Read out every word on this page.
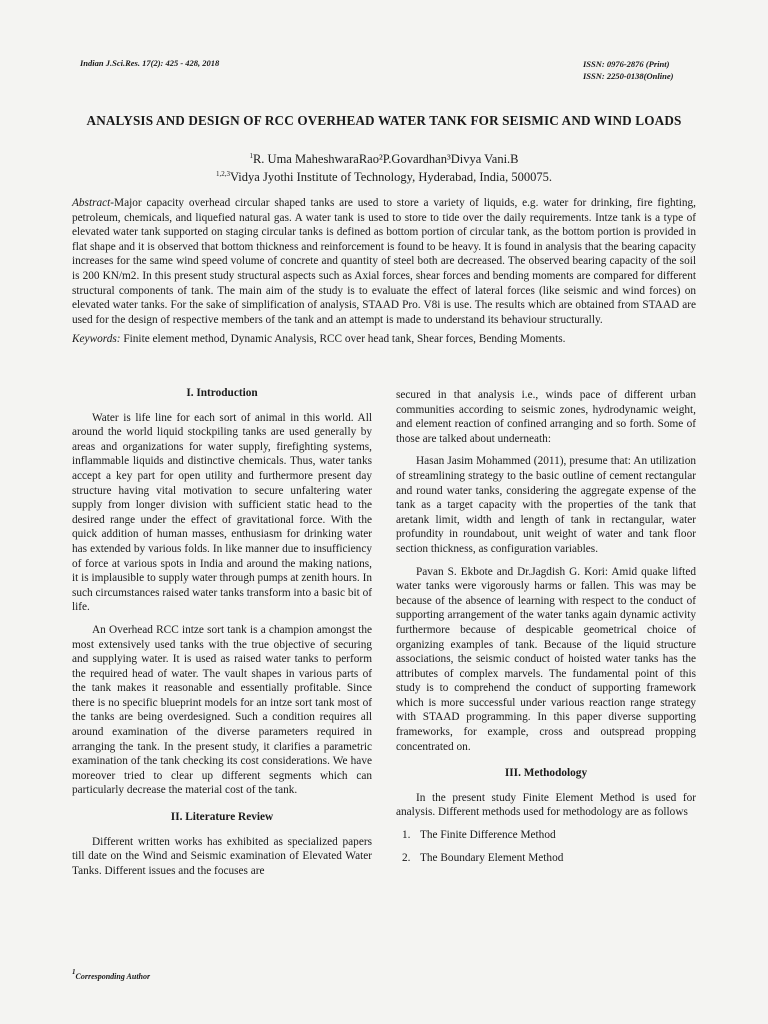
Indian J.Sci.Res. 17(2): 425 - 428, 2018	ISSN: 0976-2876 (Print)
ISSN: 2250-0138(Online)
ANALYSIS AND DESIGN OF RCC OVERHEAD WATER TANK FOR SEISMIC AND WIND LOADS
$^1$R. Uma MaheshwaraRao²P.Govardhan³Divya Vani.B
$^{1,2,3}$Vidya Jyothi Institute of Technology, Hyderabad, India, 500075.

Abstract-Major capacity overhead circular shaped tanks are used to store a variety of liquids, e.g. water for drinking, fire fighting, petroleum, chemicals, and liquefied natural gas. A water tank is used to store to tide over the daily requirements. Intze tank is a type of elevated water tank supported on staging circular tanks is defined as bottom portion of circular tank, as the bottom portion is provided in flat shape and it is observed that bottom thickness and reinforcement is found to be heavy. It is found in analysis that the bearing capacity increases for the same wind speed volume of concrete and quantity of steel both are decreased. The observed bearing capacity of the soil is 200 KN/m2. In this present study structural aspects such as Axial forces, shear forces and bending moments are compared for different structural components of tank. The main aim of the study is to evaluate the effect of lateral forces (like seismic and wind forces) on elevated water tanks. For the sake of simplification of analysis, STAAD Pro. V8i is use. The results which are obtained from STAAD are used for the design of respective members of the tank and an attempt is made to understand its behaviour structurally.

Keywords: Finite element method, Dynamic Analysis, RCC over head tank, Shear forces, Bending Moments.

I. Introduction

Water is life line for each sort of animal in this world. All around the world liquid stockpiling tanks are used generally by areas and organizations for water supply, firefighting systems, inflammable liquids and distinctive chemicals. Thus, water tanks accept a key part for open utility and furthermore present day structure having vital motivation to secure unfaltering water supply from longer division with sufficient static head to the desired range under the effect of gravitational force. With the quick addition of human masses, enthusiasm for drinking water has extended by various folds. In like manner due to insufficiency of force at various spots in India and around the making nations, it is implausible to supply water through pumps at zenith hours. In such circumstances raised water tanks transform into a basic bit of life.

An Overhead RCC intze sort tank is a champion amongst the most extensively used tanks with the true objective of securing and supplying water. It is used as raised water tanks to perform the required head of water. The vault shapes in various parts of the tank makes it reasonable and essentially profitable. Since there is no specific blueprint models for an intze sort tank most of the tanks are being overdesigned. Such a condition requires all around examination of the diverse parameters required in arranging the tank. In the present study, it clarifies a parametric examination of the tank checking its cost considerations. We have moreover tried to clear up different segments which can particularly decrease the material cost of the tank.

II. Literature Review

Different written works has exhibited as specialized papers till date on the Wind and Seismic examination of Elevated Water Tanks. Different issues and the focuses are

secured in that analysis i.e., winds pace of different urban communities according to seismic zones, hydrodynamic weight, and element reaction of confined arranging and so forth. Some of those are talked about underneath:

Hasan Jasim Mohammed (2011), presume that: An utilization of streamlining strategy to the basic outline of cement rectangular and round water tanks, considering the aggregate expense of the tank as a target capacity with the properties of the tank that aretank limit, width and length of tank in rectangular, water profundity in roundabout, unit weight of water and tank floor section thickness, as configuration variables.

Pavan S. Ekbote and Dr.Jagdish G. Kori: Amid quake lifted water tanks were vigorously harms or fallen. This was may be because of the absence of learning with respect to the conduct of supporting arrangement of the water tanks again dynamic activity furthermore because of despicable geometrical choice of organizing examples of tank. Because of the liquid structure associations, the seismic conduct of hoisted water tanks has the attributes of complex marvels. The fundamental point of this study is to comprehend the conduct of supporting framework which is more successful under various reaction range strategy with STAAD programming. In this paper diverse supporting frameworks, for example, cross and outspread propping concentrated on.

III. Methodology

In the present study Finite Element Method is used for analysis. Different methods used for methodology are as follows

1. The Finite Difference Method
2. The Boundary Element Method
$^1$Corresponding Author
